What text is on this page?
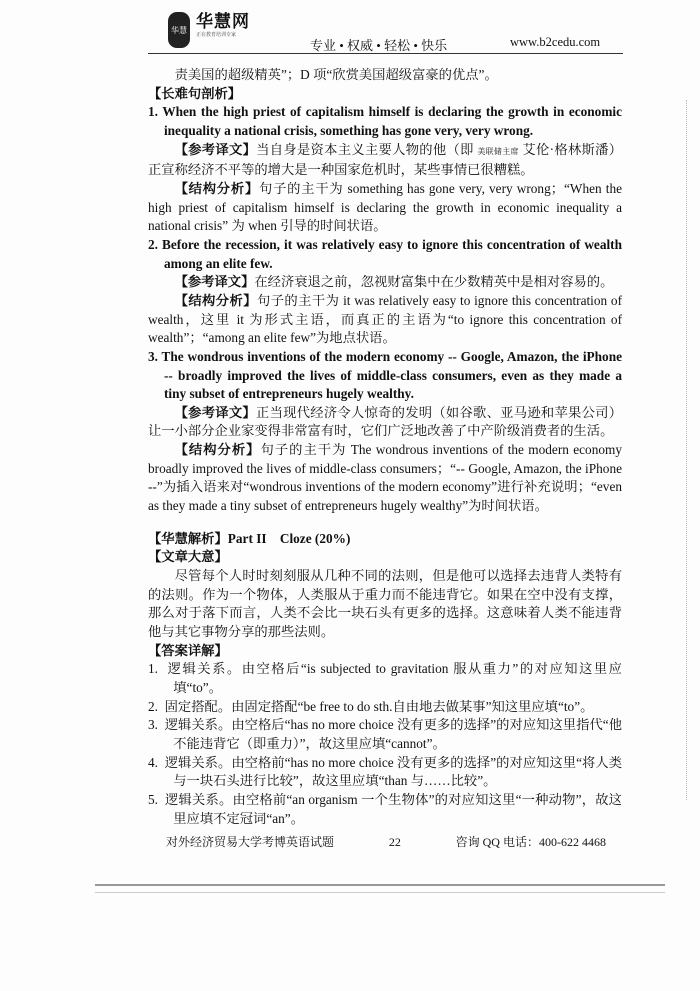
华慧 华慧网
正在教育培训专家
专业 • 权威 • 轻松 • 快乐	www.b2cedu.com

责美国的超级精英”；D 项“欣赏美国超级富豪的优点”。

【长难句剖析】

1. When the high priest of capitalism himself is declaring the growth in economic inequality a national crisis, something has gone very, very wrong.

【参考译文】当自身是资本主义主要人物的他（即 美联储主席 艾伦·格林斯潘）正宣称经济不平等的增大是一种国家危机时，某些事情已很糟糕。

【结构分析】句子的主干为 something has gone very, very wrong；“When the high priest of capitalism himself is declaring the growth in economic inequality a national crisis” 为 when 引导的时间状语。

2. Before the recession, it was relatively easy to ignore this concentration of wealth among an elite few.

【参考译文】在经济衰退之前，忽视财富集中在少数精英中是相对容易的。

【结构分析】句子的主干为 it was relatively easy to ignore this concentration of wealth，这里 it 为形式主语，而真正的主语为“to ignore this concentration of wealth”；“among an elite few”为地点状语。

3. The wondrous inventions of the modern economy -- Google, Amazon, the iPhone -- broadly improved the lives of middle-class consumers, even as they made a tiny subset of entrepreneurs hugely wealthy.

【参考译文】正当现代经济令人惊奇的发明（如谷歌、亚马逊和苹果公司）让一小部分企业家变得非常富有时，它们广泛地改善了中产阶级消费者的生活。

【结构分析】句子的主干为 The wondrous inventions of the modern economy broadly improved the lives of middle-class consumers；“-- Google, Amazon, the iPhone --”为插入语来对“wondrous inventions of the modern economy”进行补充说明；“even as they made a tiny subset of entrepreneurs hugely wealthy”为时间状语。

【华慧解析】Part II　Cloze (20%)

【文章大意】

尽管每个人时时刻刻服从几种不同的法则，但是他可以选择去违背人类特有的法则。作为一个物体，人类服从于重力而不能违背它。如果在空中没有支撑，那么对于落下而言，人类不会比一块石头有更多的选择。这意味着人类不能违背他与其它事物分享的那些法则。

【答案详解】

1. 逻辑关系。由空格后“is subjected to gravitation 服从重力”的对应知这里应填“to”。

2. 固定搭配。由固定搭配“be free to do sth.自由地去做某事”知这里应填“to”。

3. 逻辑关系。由空格后“has no more choice 没有更多的选择”的对应知这里指代“他不能违背它（即重力）”，故这里应填“cannot”。

4. 逻辑关系。由空格前“has no more choice 没有更多的选择”的对应知这里“将人类与一块石头进行比较”，故这里应填“than 与……比较”。

5. 逻辑关系。由空格前“an organism 一个生物体”的对应知这里“一种动物”，故这里应填不定冠词“an”。

对外经济贸易大学考博英语试题	22	咨询 QQ 电话：400-622 4468
